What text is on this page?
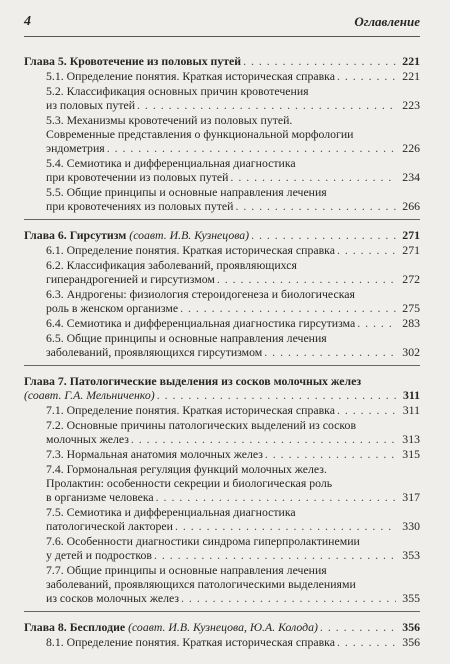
4	Оглавление
Глава 5. Кровотечение из половых путей . . .	221
5.1. Определение понятия. Краткая историческая справка . . .	221
5.2. Классификация основных причин кровотечения
из половых путей . . .	223
5.3. Механизмы кровотечений из половых путей.
Современные представления о функциональной морфологии
эндометрия . . .	226
5.4. Семиотика и дифференциальная диагностика
при кровотечении из половых путей . . .	234
5.5. Общие принципы и основные направления лечения
при кровотечениях из половых путей . . .	266
Глава 6. Гирсутизм (соавт. И.В. Кузнецова) . . .	271
6.1. Определение понятия. Краткая историческая справка . . .	271
6.2. Классификация заболеваний, проявляющихся
гиперандрогенией и гирсутизмом . . .	272
6.3. Андрогены: физиология стероидогенеза и биологическая
роль в женском организме . . .	275
6.4. Семиотика и дифференциальная диагностика гирсутизма . . .	283
6.5. Общие принципы и основные направления лечения
заболеваний, проявляющихся гирсутизмом . . .	302
Глава 7. Патологические выделения из сосков молочных желез
(соавт. Г.А. Мельниченко) . . .	311
7.1. Определение понятия. Краткая историческая справка . . .	311
7.2. Основные причины патологических выделений из сосков
молочных желез . . .	313
7.3. Нормальная анатомия молочных желез . . .	315
7.4. Гормональная регуляция функций молочных желез.
Пролактин: особенности секреции и биологическая роль
в организме человека . . .	317
7.5. Семиотика и дифференциальная диагностика
патологической лактореи . . .	330
7.6. Особенности диагностики синдрома гиперпролактинемии
у детей и подростков . . .	353
7.7. Общие принципы и основные направления лечения
заболеваний, проявляющихся патологическими выделениями
из сосков молочных желез . . .	355
Глава 8. Бесплодие (соавт. И.В. Кузнецова, Ю.А. Колода) . . .	356
8.1. Определение понятия. Краткая историческая справка . . .	356
